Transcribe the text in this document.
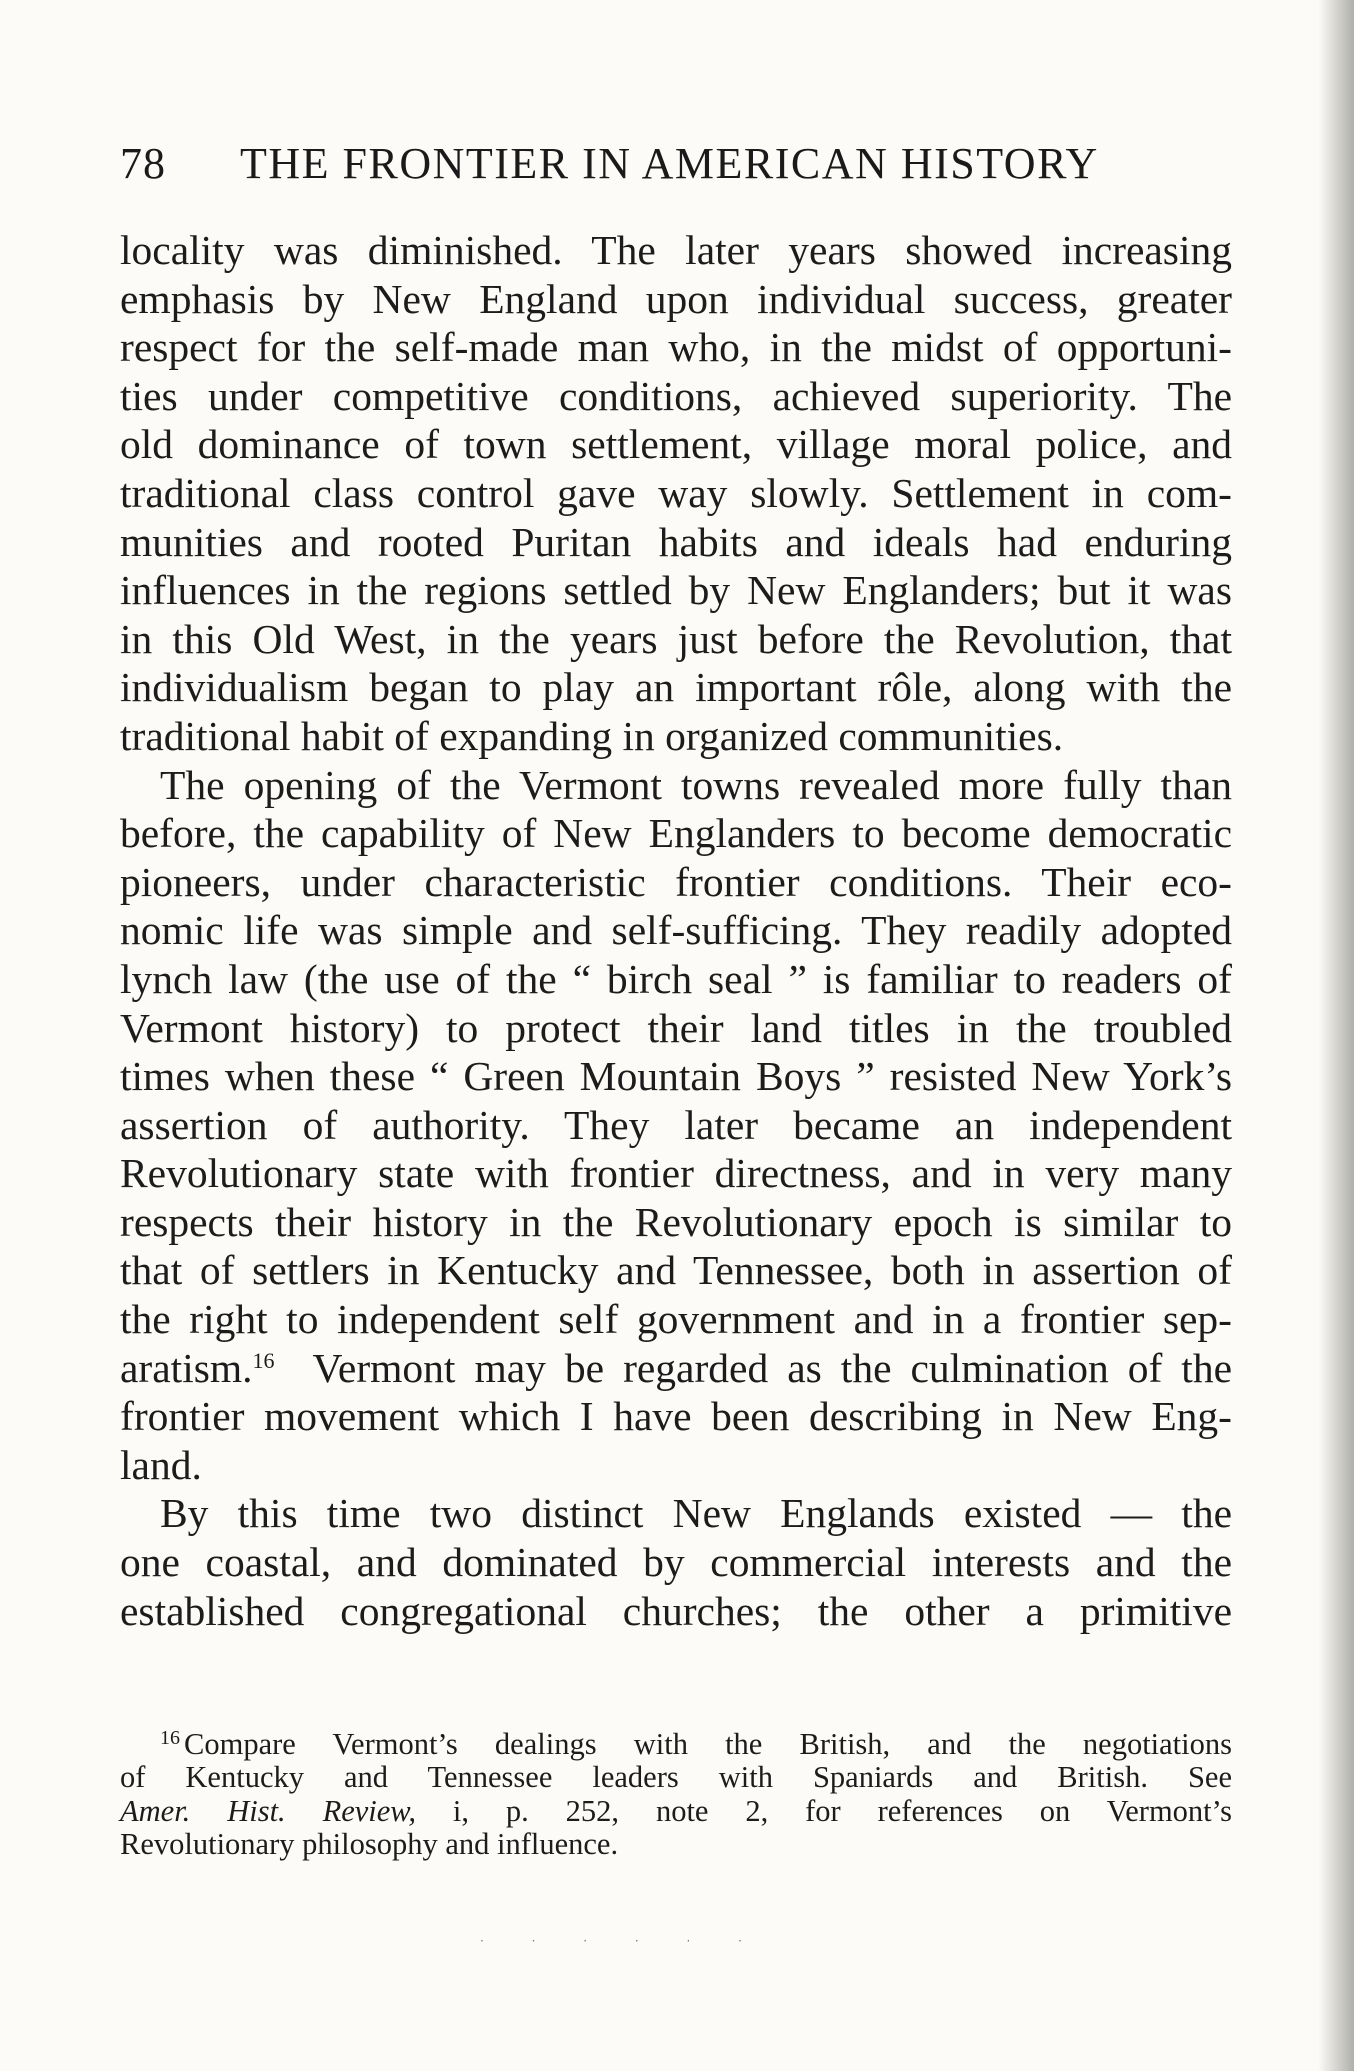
78 THE FRONTIER IN AMERICAN HISTORY
locality was diminished. The later years showed increasing
emphasis by New England upon individual success, greater
respect for the self-made man who, in the midst of opportuni-
ties under competitive conditions, achieved superiority. The
old dominance of town settlement, village moral police, and
traditional class control gave way slowly. Settlement in com-
munities and rooted Puritan habits and ideals had enduring
influences in the regions settled by New Englanders; but it was
in this Old West, in the years just before the Revolution, that
individualism began to play an important rôle, along with the
traditional habit of expanding in organized communities.
The opening of the Vermont towns revealed more fully than
before, the capability of New Englanders to become democratic
pioneers, under characteristic frontier conditions. Their eco-
nomic life was simple and self-sufficing. They readily adopted
lynch law (the use of the “ birch seal ” is familiar to readers of
Vermont history) to protect their land titles in the troubled
times when these “ Green Mountain Boys ” resisted New York’s
assertion of authority. They later became an independent
Revolutionary state with frontier directness, and in very many
respects their history in the Revolutionary epoch is similar to
that of settlers in Kentucky and Tennessee, both in assertion of
the right to independent self government and in a frontier sep-
aratism.$^{16}$ Vermont may be regarded as the culmination of the
frontier movement which I have been describing in New Eng-
land.
By this time two distinct New Englands existed — the
one coastal, and dominated by commercial interests and the
established congregational churches; the other a primitive
$^{16}$ Compare Vermont’s dealings with the British, and the negotiations
of Kentucky and Tennessee leaders with Spaniards and British. See
Amer. Hist. Review, i, p. 252, note 2, for references on Vermont’s
Revolutionary philosophy and influence.
· · · · · ·
